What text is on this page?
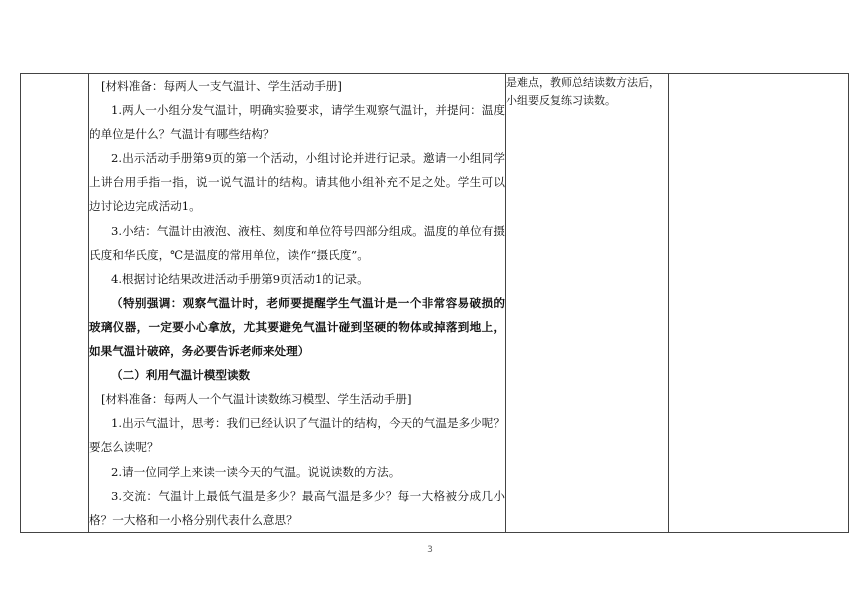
[材料准备：每两人一支气温计、学生活动手册]

1.两人一小组分发气温计，明确实验要求，请学生观察气温计，并提问：温度的单位是什么？气温计有哪些结构？

2.出示活动手册第9页的第一个活动，小组讨论并进行记录。邀请一小组同学上讲台用手指一指，说一说气温计的结构。请其他小组补充不足之处。学生可以边讨论边完成活动1。

3.小结：气温计由液泡、液柱、刻度和单位符号四部分组成。温度的单位有摄氏度和华氏度，℃是温度的常用单位，读作“摄氏度”。

4.根据讨论结果改进活动手册第9页活动1的记录。

（特别强调：观察气温计时，老师要提醒学生气温计是一个非常容易破损的玻璃仪器，一定要小心拿放，尤其要避免气温计碰到坚硬的物体或掉落到地上，如果气温计破碎，务必要告诉老师来处理）

（二）利用气温计模型读数

[材料准备：每两人一个气温计读数练习模型、学生活动手册]

1.出示气温计，思考：我们已经认识了气温计的结构，今天的气温是多少呢？要怎么读呢？

2.请一位同学上来读一读今天的气温。说说读数的方法。

3.交流：气温计上最低气温是多少？最高气温是多少？每一大格被分成几小格？一大格和一小格分别代表什么意思？

是难点，教师总结读数方法后，小组要反复练习读数。

3
